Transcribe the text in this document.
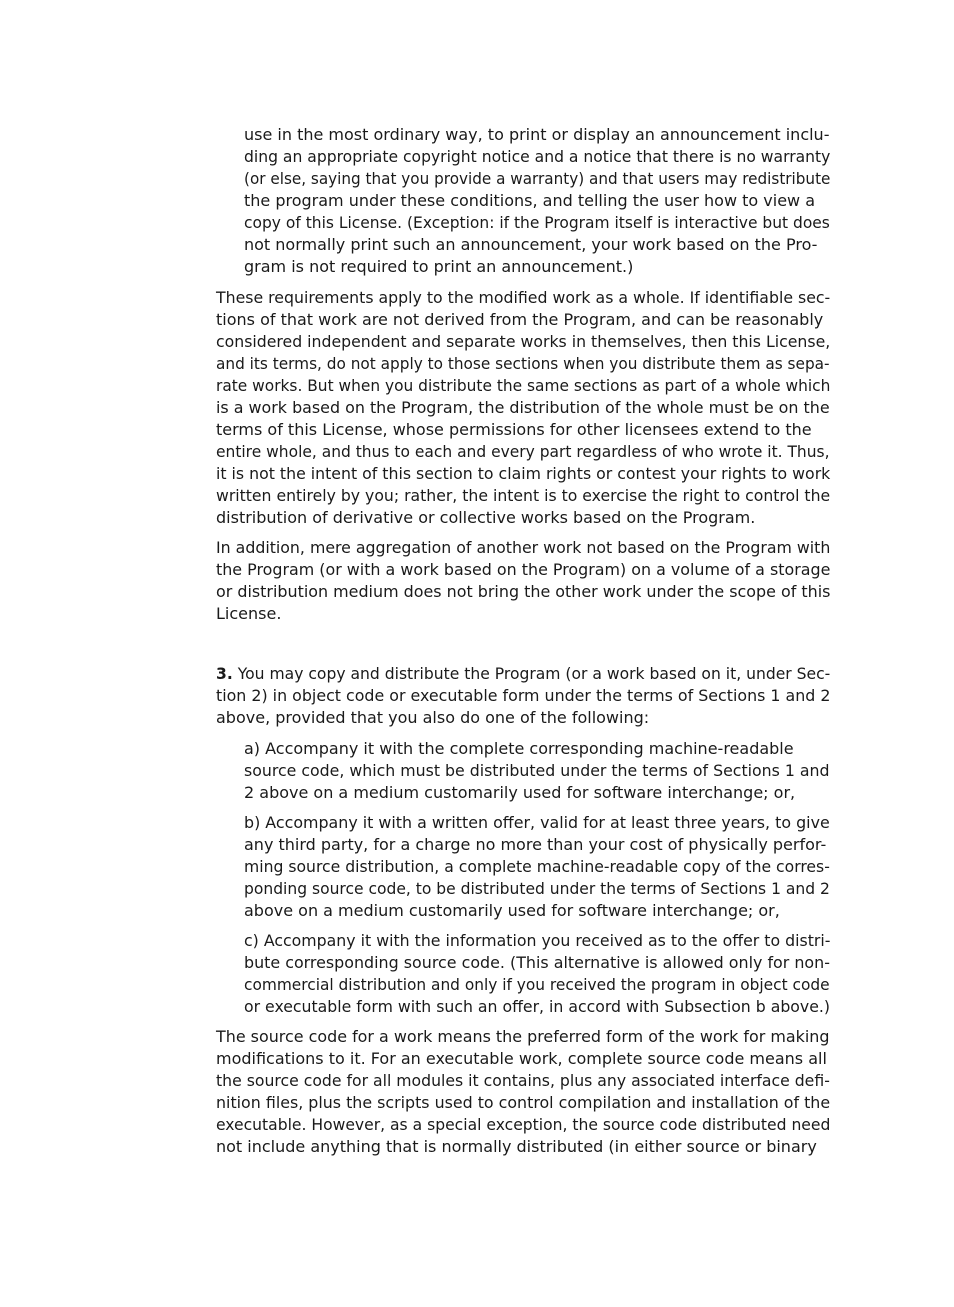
use in the most ordinary way, to print or display an announcement inclu-
ding an appropriate copyright notice and a notice that there is no warranty
(or else, saying that you provide a warranty) and that users may redistribute
the program under these conditions, and telling the user how to view a
copy of this License. (Exception: if the Program itself is interactive but does
not normally print such an announcement, your work based on the Pro-
gram is not required to print an announcement.)
These requirements apply to the modified work as a whole. If identifiable sec-
tions of that work are not derived from the Program, and can be reasonably
considered independent and separate works in themselves, then this License,
and its terms, do not apply to those sections when you distribute them as sepa-
rate works. But when you distribute the same sections as part of a whole which
is a work based on the Program, the distribution of the whole must be on the
terms of this License, whose permissions for other licensees extend to the
entire whole, and thus to each and every part regardless of who wrote it. Thus,
it is not the intent of this section to claim rights or contest your rights to work
written entirely by you; rather, the intent is to exercise the right to control the
distribution of derivative or collective works based on the Program.
In addition, mere aggregation of another work not based on the Program with
the Program (or with a work based on the Program) on a volume of a storage
or distribution medium does not bring the other work under the scope of this
License.
3. You may copy and distribute the Program (or a work based on it, under Sec-
tion 2) in object code or executable form under the terms of Sections 1 and 2
above, provided that you also do one of the following:
a) Accompany it with the complete corresponding machine-readable
source code, which must be distributed under the terms of Sections 1 and
2 above on a medium customarily used for software interchange; or,
b) Accompany it with a written offer, valid for at least three years, to give
any third party, for a charge no more than your cost of physically perfor-
ming source distribution, a complete machine-readable copy of the corres-
ponding source code, to be distributed under the terms of Sections 1 and 2
above on a medium customarily used for software interchange; or,
c) Accompany it with the information you received as to the offer to distri-
bute corresponding source code. (This alternative is allowed only for non-
commercial distribution and only if you received the program in object code
or executable form with such an offer, in accord with Subsection b above.)
The source code for a work means the preferred form of the work for making
modifications to it. For an executable work, complete source code means all
the source code for all modules it contains, plus any associated interface defi-
nition files, plus the scripts used to control compilation and installation of the
executable. However, as a special exception, the source code distributed need
not include anything that is normally distributed (in either source or binary
